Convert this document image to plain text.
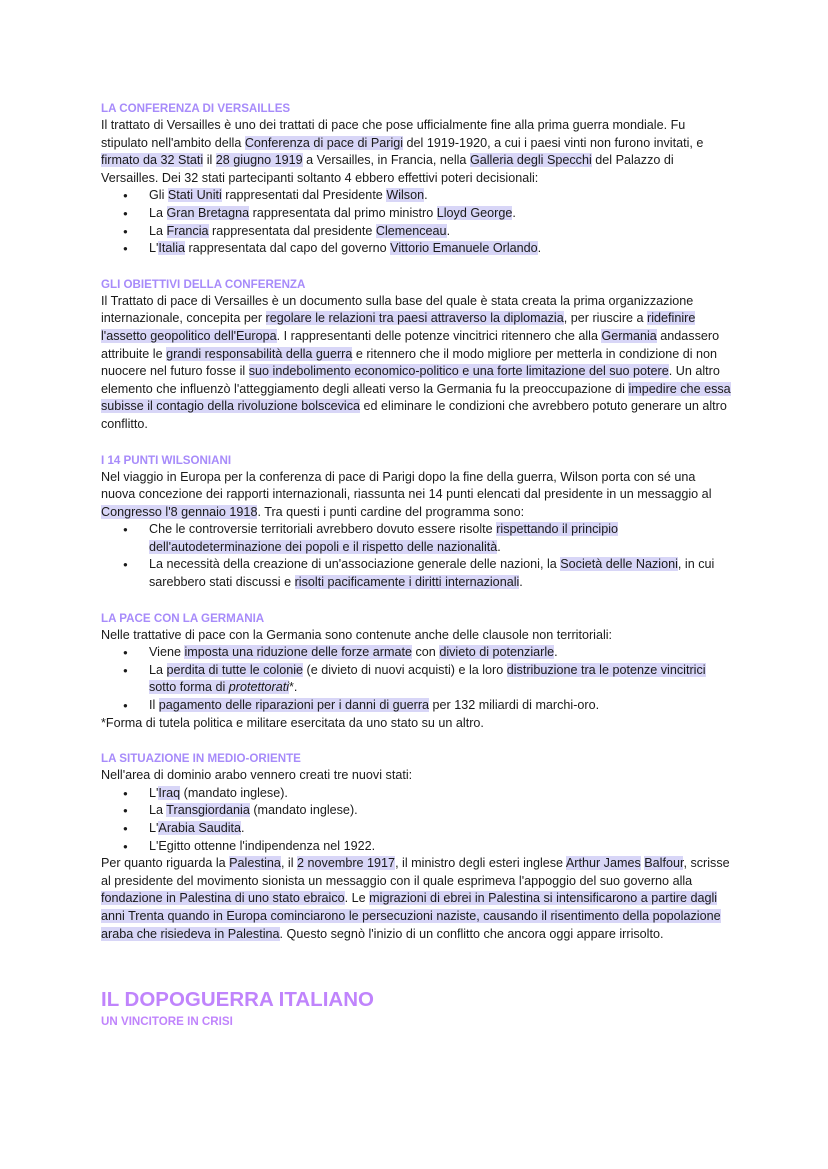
LA CONFERENZA DI VERSAILLES

Il trattato di Versailles è uno dei trattati di pace che pose ufficialmente fine alla prima guerra mondiale. Fu stipulato nell'ambito della Conferenza di pace di Parigi del 1919-1920, a cui i paesi vinti non furono invitati, e firmato da 32 Stati il 28 giugno 1919 a Versailles, in Francia, nella Galleria degli Specchi del Palazzo di Versailles. Dei 32 stati partecipanti soltanto 4 ebbero effettivi poteri decisionali:

● Gli Stati Uniti rappresentati dal Presidente Wilson.
● La Gran Bretagna rappresentata dal primo ministro Lloyd George.
● La Francia rappresentata dal presidente Clemenceau.
● L'Italia rappresentata dal capo del governo Vittorio Emanuele Orlando.
GLI OBIETTIVI DELLA CONFERENZA

Il Trattato di pace di Versailles è un documento sulla base del quale è stata creata la prima organizzazione internazionale, concepita per regolare le relazioni tra paesi attraverso la diplomazia, per riuscire a ridefinire l'assetto geopolitico dell'Europa. I rappresentanti delle potenze vincitrici ritennero che alla Germania andassero attribuite le grandi responsabilità della guerra e ritennero che il modo migliore per metterla in condizione di non nuocere nel futuro fosse il suo indebolimento economico-politico e una forte limitazione del suo potere. Un altro elemento che influenzò l'atteggiamento degli alleati verso la Germania fu la preoccupazione di impedire che essa subisse il contagio della rivoluzione bolscevica ed eliminare le condizioni che avrebbero potuto generare un altro conflitto.

I 14 PUNTI WILSONIANI

Nel viaggio in Europa per la conferenza di pace di Parigi dopo la fine della guerra, Wilson porta con sé una nuova concezione dei rapporti internazionali, riassunta nei 14 punti elencati dal presidente in un messaggio al Congresso l'8 gennaio 1918. Tra questi i punti cardine del programma sono:

● Che le controversie territoriali avrebbero dovuto essere risolte rispettando il principio dell'autodeterminazione dei popoli e il rispetto delle nazionalità.
● La necessità della creazione di un'associazione generale delle nazioni, la Società delle Nazioni, in cui sarebbero stati discussi e risolti pacificamente i diritti internazionali.
LA PACE CON LA GERMANIA

Nelle trattative di pace con la Germania sono contenute anche delle clausole non territoriali:

● Viene imposta una riduzione delle forze armate con divieto di potenziarle.
● La perdita di tutte le colonie (e divieto di nuovi acquisti) e la loro distribuzione tra le potenze vincitrici sotto forma di protettorati*.
● Il pagamento delle riparazioni per i danni di guerra per 132 miliardi di marchi-oro.

*Forma di tutela politica e militare esercitata da uno stato su un altro.

LA SITUAZIONE IN MEDIO-ORIENTE

Nell'area di dominio arabo vennero creati tre nuovi stati:

● L'Iraq (mandato inglese).
● La Transgiordania (mandato inglese).
● L'Arabia Saudita.
● L'Egitto ottenne l'indipendenza nel 1922.

Per quanto riguarda la Palestina, il 2 novembre 1917, il ministro degli esteri inglese Arthur James Balfour, scrisse al presidente del movimento sionista un messaggio con il quale esprimeva l'appoggio del suo governo alla fondazione in Palestina di uno stato ebraico. Le migrazioni di ebrei in Palestina si intensificarono a partire dagli anni Trenta quando in Europa cominciarono le persecuzioni naziste, causando il risentimento della popolazione araba che risiedeva in Palestina. Questo segnò l'inizio di un conflitto che ancora oggi appare irrisolto.

IL DOPOGUERRA ITALIANO
UN VINCITORE IN CRISI
